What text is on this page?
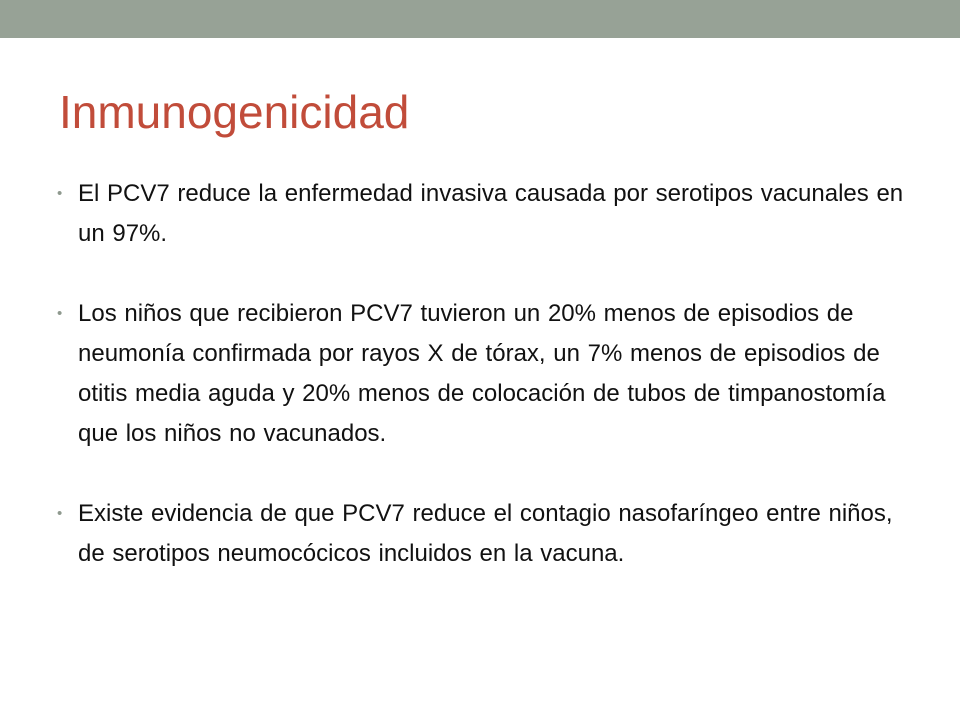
Inmunogenicidad
• El PCV7 reduce la enfermedad invasiva causada por serotipos vacunales en un 97%.
• Los niños que recibieron PCV7 tuvieron un 20% menos de episodios de neumonía confirmada por rayos X de tórax, un 7% menos de episodios de otitis media aguda y 20% menos de colocación de tubos de timpanostomía que los niños no vacunados.
• Existe evidencia de que PCV7 reduce el contagio nasofaríngeo entre niños, de serotipos neumocócicos incluidos en la vacuna.
